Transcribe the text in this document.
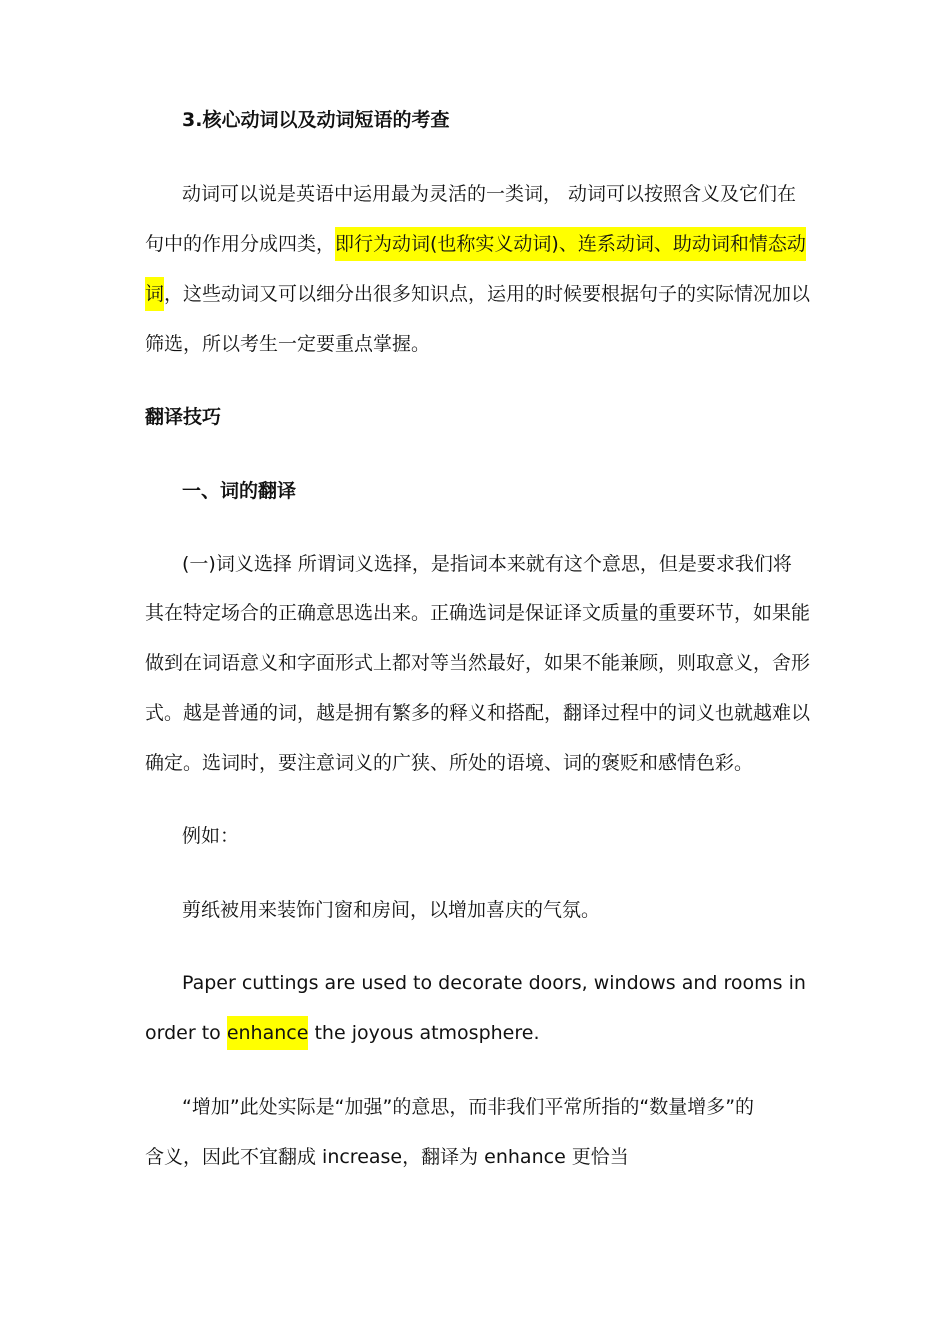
3.核心动词以及动词短语的考查
动词可以说是英语中运用最为灵活的一类词， 动词可以按照含义及它们在
句中的作用分成四类，即行为动词(也称实义动词)、连系动词、助动词和情态动
词，这些动词又可以细分出很多知识点，运用的时候要根据句子的实际情况加以
筛选，所以考生一定要重点掌握。
翻译技巧
一、词的翻译
(一)词义选择 所谓词义选择，是指词本来就有这个意思，但是要求我们将
其在特定场合的正确意思选出来。正确选词是保证译文质量的重要环节，如果能
做到在词语意义和字面形式上都对等当然最好，如果不能兼顾，则取意义，舍形
式。越是普通的词，越是拥有繁多的释义和搭配，翻译过程中的词义也就越难以
确定。选词时，要注意词义的广狭、所处的语境、词的褒贬和感情色彩。
例如：
剪纸被用来装饰门窗和房间，以增加喜庆的气氛。
Paper cuttings are used to decorate doors, windows and rooms in
order to enhance the joyous atmosphere.
“增加”此处实际是“加强”的意思，而非我们平常所指的“数量增多”的
含义，因此不宜翻成 increase，翻译为 enhance 更恰当
